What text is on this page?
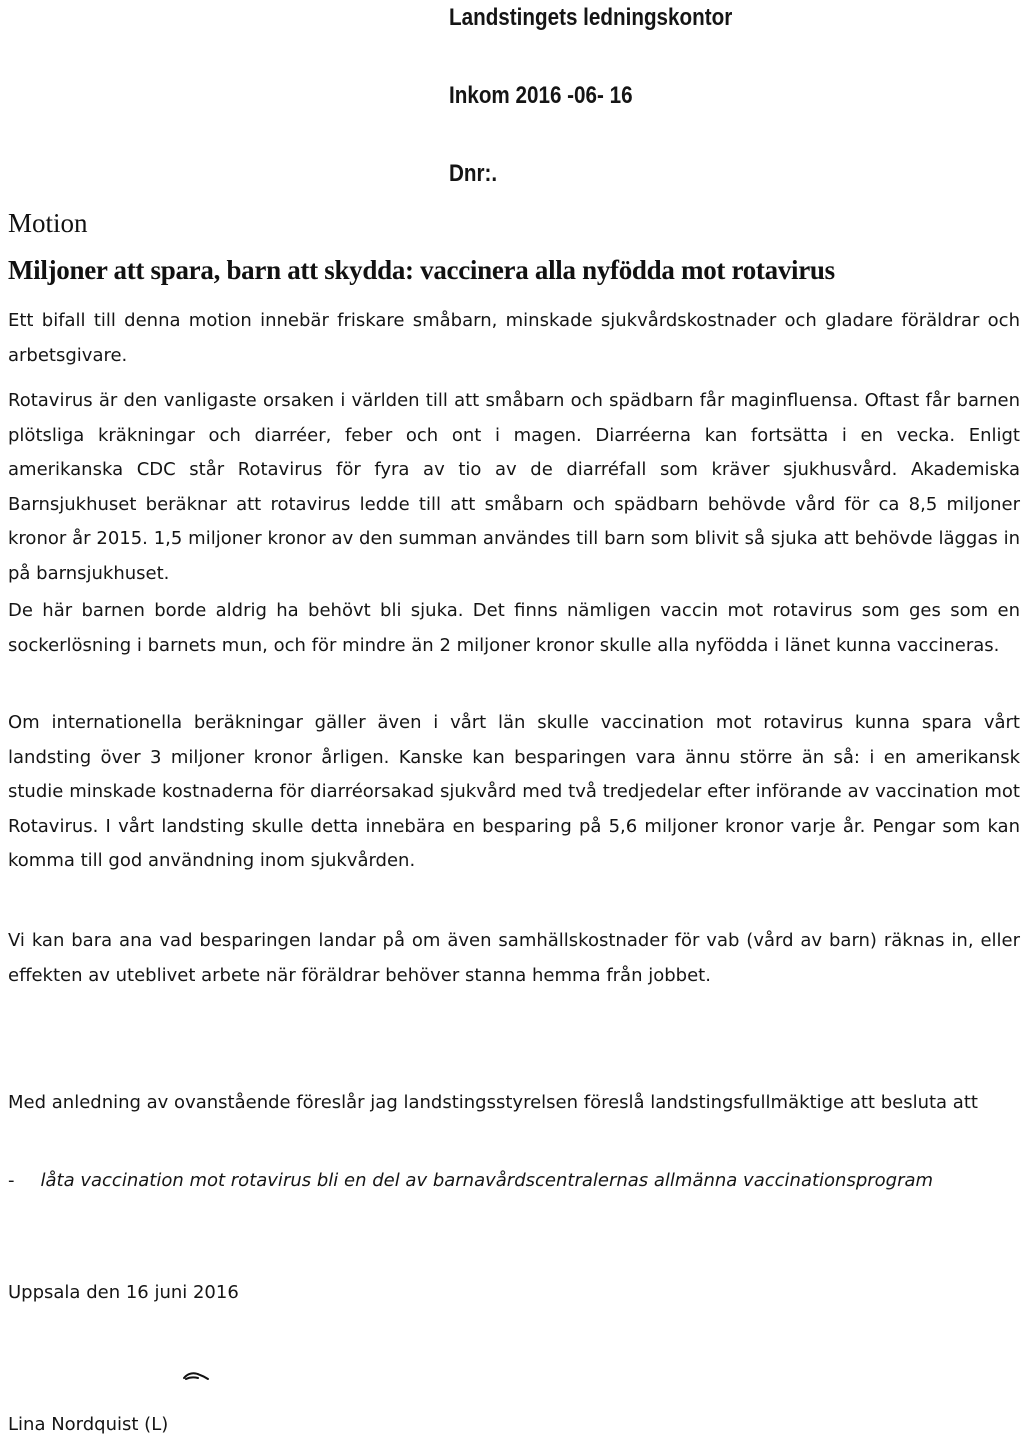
Landstingets ledningskontor
Inkom 2016 -06- 16
Dnr:.
Motion
Miljoner att spara, barn att skydda: vaccinera alla nyfödda mot rotavirus

Ett bifall till denna motion innebär friskare småbarn, minskade sjukvårdskostnader och gladare föräldrar och arbetsgivare.

Rotavirus är den vanligaste orsaken i världen till att småbarn och spädbarn får maginfluensa. Oftast får barnen plötsliga kräkningar och diarréer, feber och ont i magen. Diarréerna kan fortsätta i en vecka. Enligt amerikanska CDC står Rotavirus för fyra av tio av de diarréfall som kräver sjukhusvård. Akademiska Barnsjukhuset beräknar att rotavirus ledde till att småbarn och spädbarn behövde vård för ca 8,5 miljoner kronor år 2015. 1,5 miljoner kronor av den summan användes till barn som blivit så sjuka att behövde läggas in på barnsjukhuset.

De här barnen borde aldrig ha behövt bli sjuka. Det finns nämligen vaccin mot rotavirus som ges som en sockerlösning i barnets mun, och för mindre än 2 miljoner kronor skulle alla nyfödda i länet kunna vaccineras.

Om internationella beräkningar gäller även i vårt län skulle vaccination mot rotavirus kunna spara vårt landsting över 3 miljoner kronor årligen. Kanske kan besparingen vara ännu större än så: i en amerikansk studie minskade kostnaderna för diarréorsakad sjukvård med två tredjedelar efter införande av vaccination mot Rotavirus. I vårt landsting skulle detta innebära en besparing på 5,6 miljoner kronor varje år. Pengar som kan komma till god användning inom sjukvården.

Vi kan bara ana vad besparingen landar på om även samhällskostnader för vab (vård av barn) räknas in, eller effekten av uteblivet arbete när föräldrar behöver stanna hemma från jobbet.

Med anledning av ovanstående föreslår jag landstingsstyrelsen föreslå landstingsfullmäktige att besluta att

- låta vaccination mot rotavirus bli en del av barnavårdscentralernas allmänna vaccinationsprogram

Uppsala den 16 juni 2016

Lina Nordquist (L)
